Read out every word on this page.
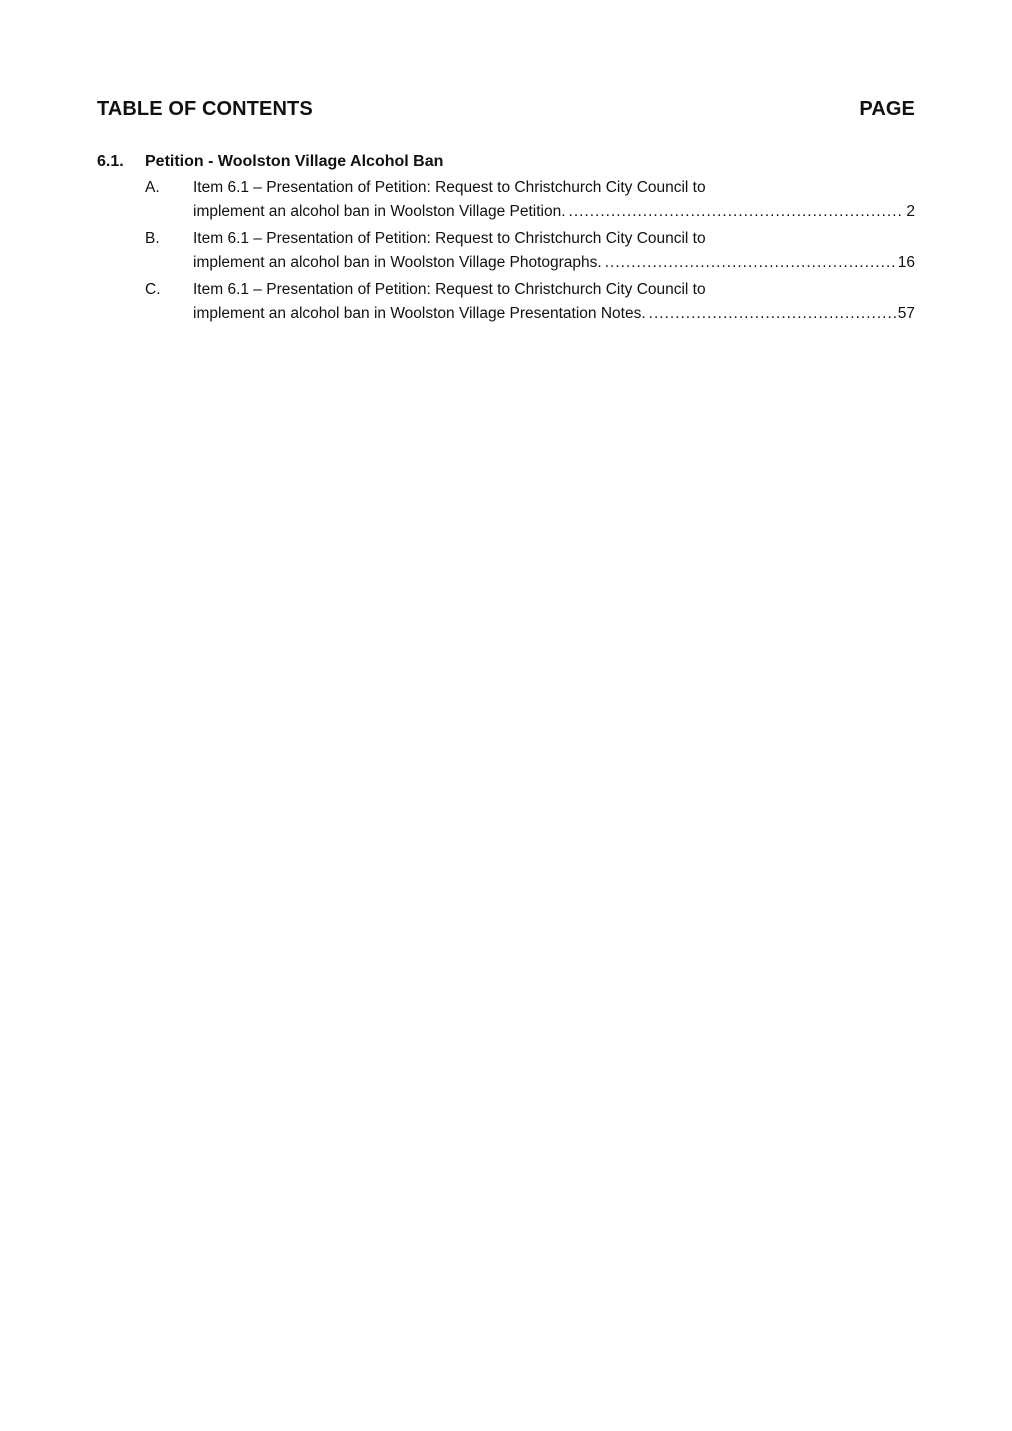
TABLE OF CONTENTS	PAGE
6.1.	Petition - Woolston Village Alcohol Ban
A.	Item 6.1 – Presentation of Petition: Request to Christchurch City Council to
implement an alcohol ban in Woolston Village Petition. .....	2
B.	Item 6.1 – Presentation of Petition: Request to Christchurch City Council to
implement an alcohol ban in Woolston Village Photographs. .....	16
C.	Item 6.1 – Presentation of Petition: Request to Christchurch City Council to
implement an alcohol ban in Woolston Village Presentation Notes. .....	57
